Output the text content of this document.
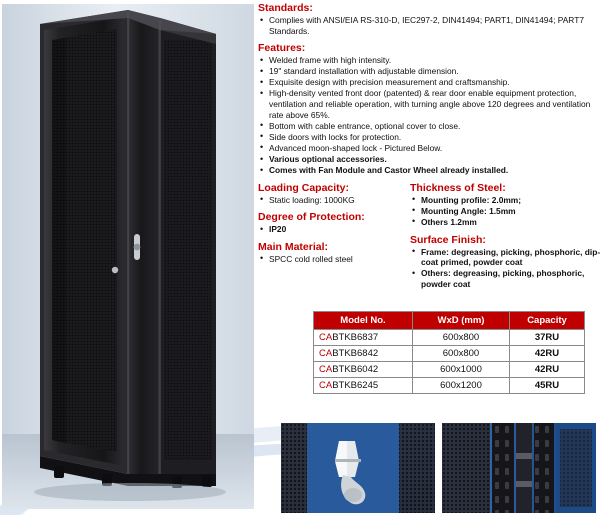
Standards:
• Complies with ANSI/EIA RS-310-D, IEC297-2, DIN41494; PART1, DIN41494; PART7 Standards.
Features:
• Welded frame with high intensity.
• 19" standard installation with adjustable dimension.
• Exquisite design with precision measurement and craftsmanship.
• High-density vented front door (patented) & rear door enable equipment protection, ventilation and reliable operation, with turning angle above 120 degrees and ventilation rate above 65%.
• Bottom with cable entrance, optional cover to close.
• Side doors with locks for protection.
• Advanced moon-shaped lock - Pictured Below.
• Various optional accessories.
• Comes with Fan Module and Castor Wheel already installed.
Loading Capacity:
• Static loading: 1000KG
Degree of Protection:
• IP20
Main Material:
• SPCC cold rolled steel
Thickness of Steel:
• Mounting profile: 2.0mm;
• Mounting Angle: 1.5mm
• Others 1.2mm
Surface Finish:
• Frame: degreasing, picking, phosphoric, dip-coat primed, powder coat
• Others: degreasing, picking, phosphoric, powder coat
Model No.	WxD (mm)	Capacity
CABTKB6837	600x800	37RU
CABTKB6842	600x800	42RU
CABTKB6042	600x1000	42RU
CABTKB6245	600x1200	45RU
